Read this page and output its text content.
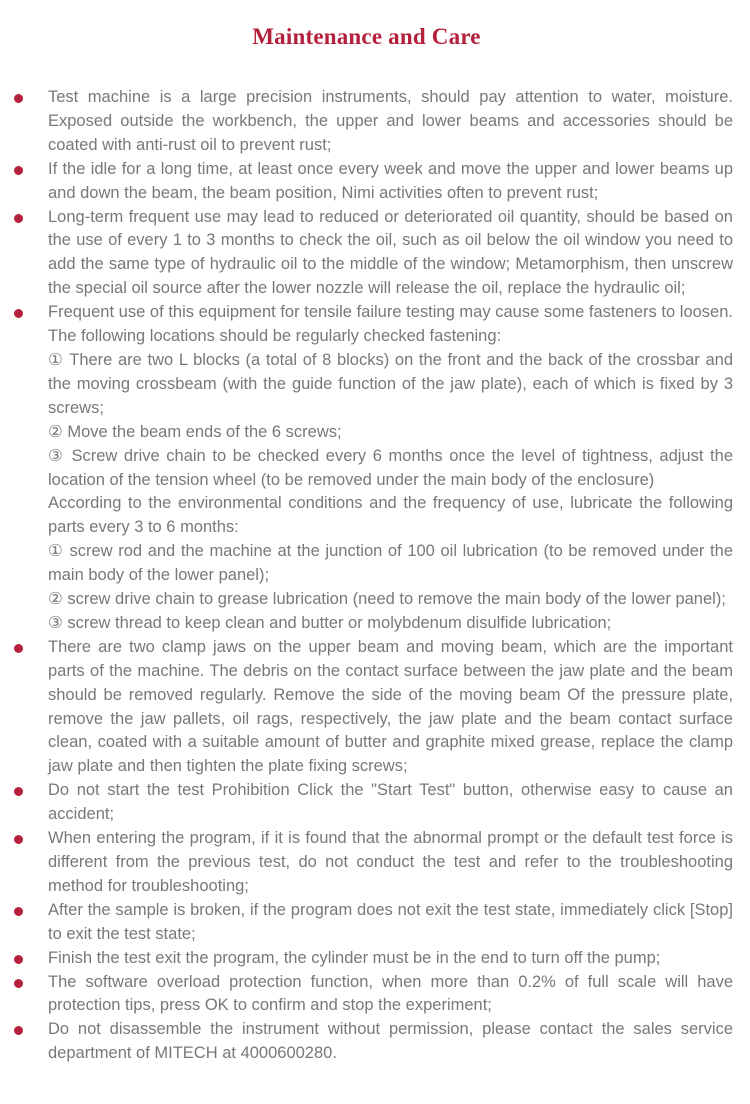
Maintenance and Care

Test machine is a large precision instruments, should pay attention to water, moisture. Exposed outside the workbench, the upper and lower beams and accessories should be coated with anti-rust oil to prevent rust;

If the idle for a long time, at least once every week and move the upper and lower beams up and down the beam, the beam position, Nimi activities often to prevent rust;

Long-term frequent use may lead to reduced or deteriorated oil quantity, should be based on the use of every 1 to 3 months to check the oil, such as oil below the oil window you need to add the same type of hydraulic oil to the middle of the window; Metamorphism, then unscrew the special oil source after the lower nozzle will release the oil, replace the hydraulic oil;

Frequent use of this equipment for tensile failure testing may cause some fasteners to loosen. The following locations should be regularly checked fastening:

① There are two L blocks (a total of 8 blocks) on the front and the back of the crossbar and the moving crossbeam (with the guide function of the jaw plate), each of which is fixed by 3 screws;

② Move the beam ends of the 6 screws;

③ Screw drive chain to be checked every 6 months once the level of tightness, adjust the location of the tension wheel (to be removed under the main body of the enclosure)

According to the environmental conditions and the frequency of use, lubricate the following parts every 3 to 6 months:

① screw rod and the machine at the junction of 100 oil lubrication (to be removed under the main body of the lower panel);

② screw drive chain to grease lubrication (need to remove the main body of the lower panel);

③ screw thread to keep clean and butter or molybdenum disulfide lubrication;

There are two clamp jaws on the upper beam and moving beam, which are the important parts of the machine. The debris on the contact surface between the jaw plate and the beam should be removed regularly. Remove the side of the moving beam Of the pressure plate, remove the jaw pallets, oil rags, respectively, the jaw plate and the beam contact surface clean, coated with a suitable amount of butter and graphite mixed grease, replace the clamp jaw plate and then tighten the plate fixing screws;

Do not start the test Prohibition Click the "Start Test" button, otherwise easy to cause an accident;

When entering the program, if it is found that the abnormal prompt or the default test force is different from the previous test, do not conduct the test and refer to the troubleshooting method for troubleshooting;

After the sample is broken, if the program does not exit the test state, immediately click [Stop] to exit the test state;

Finish the test exit the program, the cylinder must be in the end to turn off the pump;

The software overload protection function, when more than 0.2% of full scale will have protection tips, press OK to confirm and stop the experiment;

Do not disassemble the instrument without permission, please contact the sales service department of MITECH at 4000600280.
